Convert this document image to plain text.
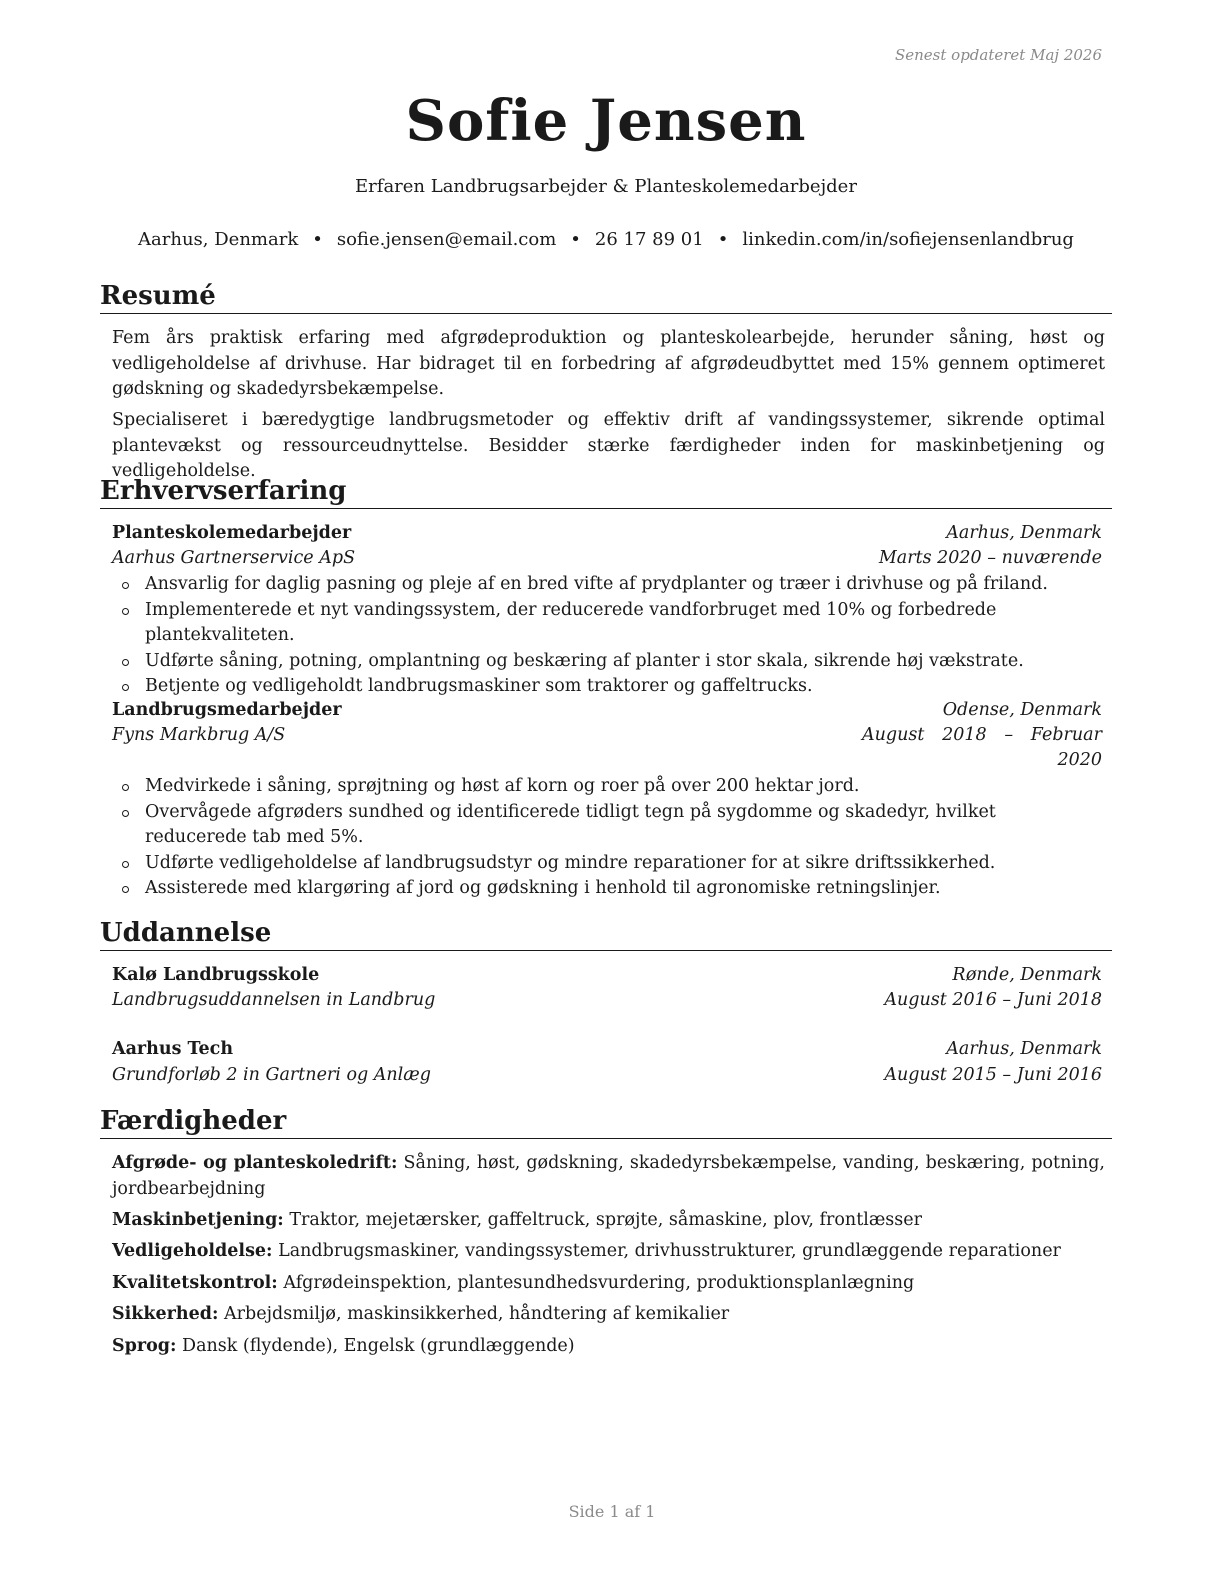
Senest opdateret Maj 2026
Sofie Jensen
Erfaren Landbrugsarbejder & Planteskolemedarbejder
Aarhus, Denmark • sofie.jensen@email.com • 26 17 89 01 • linkedin.com/in/sofiejensenlandbrug
Resumé
Fem års praktisk erfaring med afgrødeproduktion og planteskolearbejde, herunder såning, høst og vedligeholdelse af drivhuse. Har bidraget til en forbedring af afgrødeudbyttet med 15% gennem optimeret gødskning og skadedyrsbekæmpelse.
Specialiseret i bæredygtige landbrugsmetoder og effektiv drift af vandingssystemer, sikrende optimal plantevækst og ressourceudnyttelse. Besidder stærke færdigheder inden for maskinbetjening og vedligeholdelse.
Erhvervserfaring
Planteskolemedarbejder	Aarhus, Denmark
Aarhus Gartnerservice ApS	Marts 2020 – nuværende
Ansvarlig for daglig pasning og pleje af en bred vifte af prydplanter og træer i drivhuse og på friland.
Implementerede et nyt vandingssystem, der reducerede vandforbruget med 10% og forbedrede plantekvaliteten.
Udførte såning, potning, omplantning og beskæring af planter i stor skala, sikrende høj vækstrate.
Betjente og vedligeholdt landbrugsmaskiner som traktorer og gaffeltrucks.
Landbrugsmedarbejder	Odense, Denmark
Fyns Markbrug A/S	August 2018 – Februar 2020
Medvirkede i såning, sprøjtning og høst af korn og roer på over 200 hektar jord.
Overvågede afgrøders sundhed og identificerede tidligt tegn på sygdomme og skadedyr, hvilket reducerede tab med 5%.
Udførte vedligeholdelse af landbrugsudstyr og mindre reparationer for at sikre driftssikkerhed.
Assisterede med klargøring af jord og gødskning i henhold til agronomiske retningslinjer.
Uddannelse
Kalø Landbrugsskole	Rønde, Denmark
Landbrugsuddannelsen in Landbrug	August 2016 – Juni 2018
Aarhus Tech	Aarhus, Denmark
Grundforløb 2 in Gartneri og Anlæg	August 2015 – Juni 2016
Færdigheder
Afgrøde- og planteskoledrift: Såning, høst, gødskning, skadedyrsbekæmpelse, vanding, beskæring, potning, jordbearbejdning
Maskinbetjening: Traktor, mejetærsker, gaffeltruck, sprøjte, såmaskine, plov, frontlæsser
Vedligeholdelse: Landbrugsmaskiner, vandingssystemer, drivhusstrukturer, grundlæggende reparationer
Kvalitetskontrol: Afgrødeinspektion, plantesundhedsvurdering, produktionsplanlægning
Sikkerhed: Arbejdsmiljø, maskinsikkerhed, håndtering af kemikalier
Sprog: Dansk (flydende), Engelsk (grundlæggende)
Side 1 af 1
